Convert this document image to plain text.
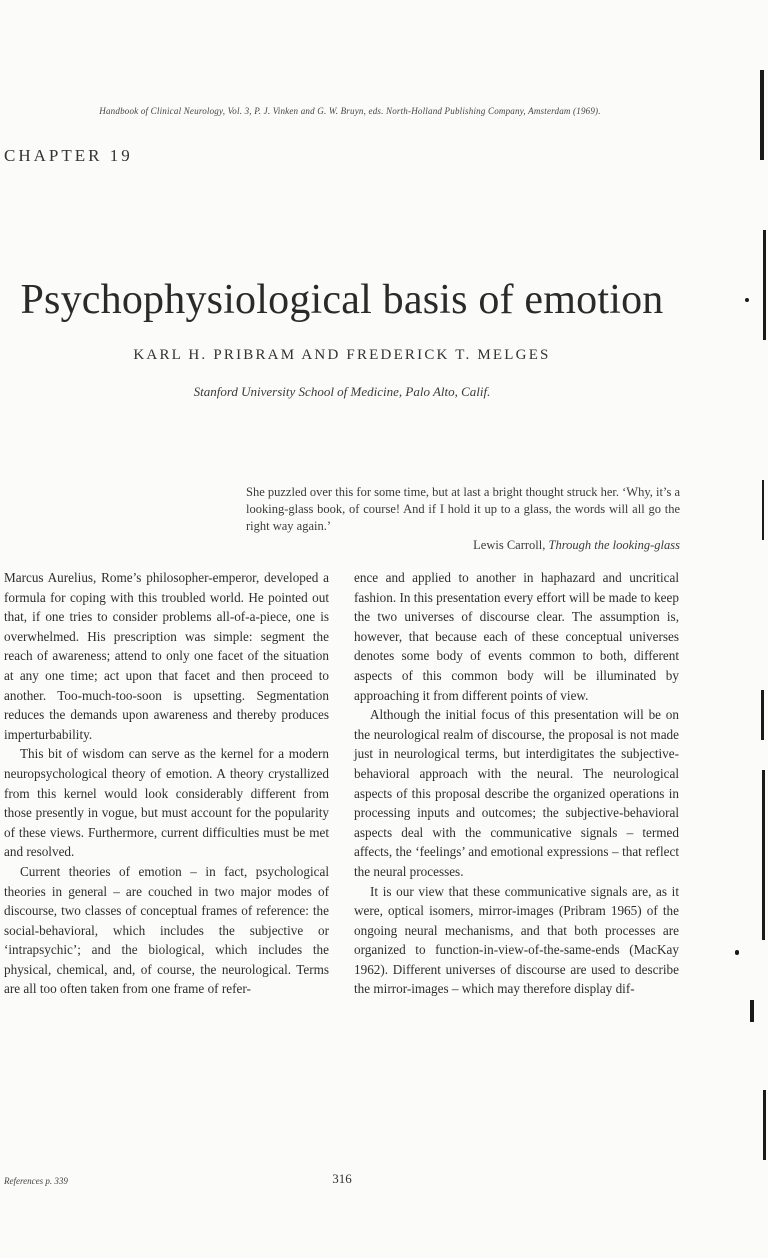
Handbook of Clinical Neurology, Vol. 3, P. J. Vinken and G. W. Bruyn, eds. North-Holland Publishing Company, Amsterdam (1969).
CHAPTER 19
Psychophysiological basis of emotion
KARL H. PRIBRAM AND FREDERICK T. MELGES
Stanford University School of Medicine, Palo Alto, Calif.
She puzzled over this for some time, but at last a bright thought struck her. ‘Why, it’s a looking-glass book, of course! And if I hold it up to a glass, the words will all go the right way again.’
Lewis Carroll, Through the looking-glass

Marcus Aurelius, Rome’s philosopher-emperor, developed a formula for coping with this troubled world. He pointed out that, if one tries to consider problems all-of-a-piece, one is overwhelmed. His prescription was simple: segment the reach of awareness; attend to only one facet of the situation at any one time; act upon that facet and then proceed to another. Too-much-too-soon is upsetting. Segmentation reduces the demands upon awareness and thereby produces imperturbability.

This bit of wisdom can serve as the kernel for a modern neuropsychological theory of emotion. A theory crystallized from this kernel would look considerably different from those presently in vogue, but must account for the popularity of these views. Furthermore, current difficulties must be met and resolved.

Current theories of emotion – in fact, psychological theories in general – are couched in two major modes of discourse, two classes of conceptual frames of reference: the social-behavioral, which includes the subjective or ‘intrapsychic’; and the biological, which includes the physical, chemical, and, of course, the neurological. Terms are all too often taken from one frame of refer-

ence and applied to another in haphazard and uncritical fashion. In this presentation every effort will be made to keep the two universes of discourse clear. The assumption is, however, that because each of these conceptual universes denotes some body of events common to both, different aspects of this common body will be illuminated by approaching it from different points of view.

Although the initial focus of this presentation will be on the neurological realm of discourse, the proposal is not made just in neurological terms, but interdigitates the subjective-behavioral approach with the neural. The neurological aspects of this proposal describe the organized operations in processing inputs and outcomes; the subjective-behavioral aspects deal with the communicative signals – termed affects, the ‘feelings’ and emotional expressions – that reflect the neural processes.

It is our view that these communicative signals are, as it were, optical isomers, mirror-images (Pribram 1965) of the ongoing neural mechanisms, and that both processes are organized to function-in-view-of-the-same-ends (MacKay 1962). Different universes of discourse are used to describe the mirror-images – which may therefore display dif-

References p. 339	316
